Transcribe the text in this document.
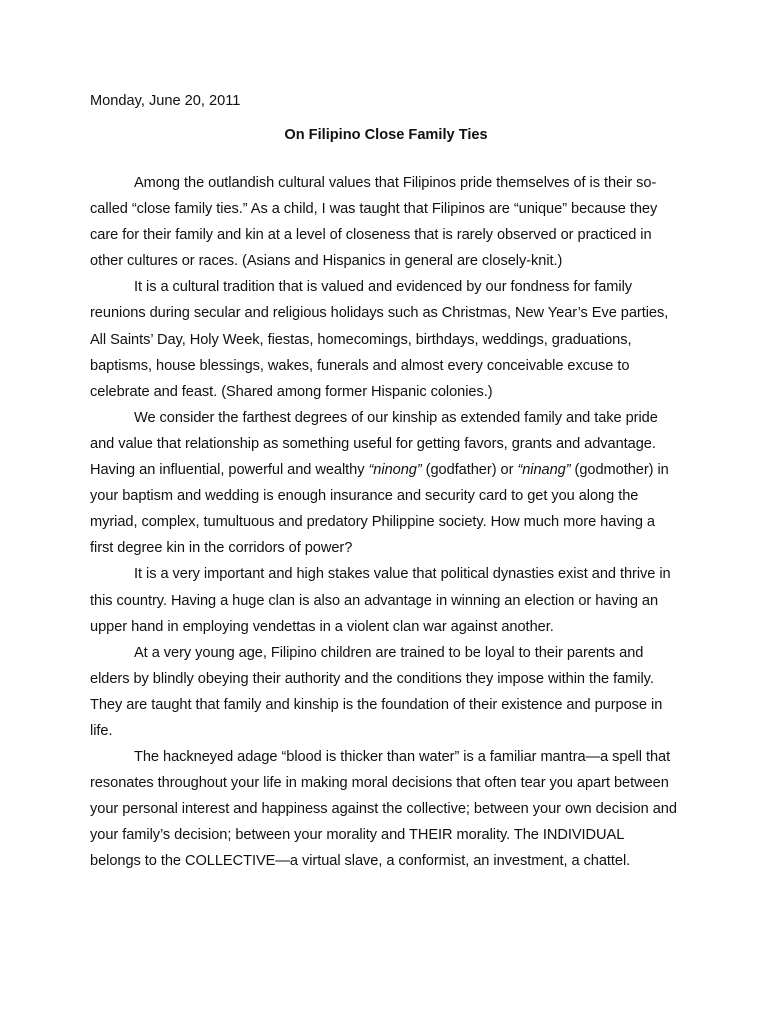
Monday, June 20, 2011

On Filipino Close Family Ties

Among the outlandish cultural values that Filipinos pride themselves of is their so-called “close family ties.” As a child, I was taught that Filipinos are “unique” because they care for their family and kin at a level of closeness that is rarely observed or practiced in other cultures or races. (Asians and Hispanics in general are closely-knit.)

It is a cultural tradition that is valued and evidenced by our fondness for family reunions during secular and religious holidays such as Christmas, New Year’s Eve parties, All Saints’ Day, Holy Week, fiestas, homecomings, birthdays, weddings, graduations, baptisms, house blessings, wakes, funerals and almost every conceivable excuse to celebrate and feast. (Shared among former Hispanic colonies.)

We consider the farthest degrees of our kinship as extended family and take pride and value that relationship as something useful for getting favors, grants and advantage. Having an influential, powerful and wealthy “ninong” (godfather) or “ninang” (godmother) in your baptism and wedding is enough insurance and security card to get you along the myriad, complex, tumultuous and predatory Philippine society. How much more having a first degree kin in the corridors of power?

It is a very important and high stakes value that political dynasties exist and thrive in this country. Having a huge clan is also an advantage in winning an election or having an upper hand in employing vendettas in a violent clan war against another.

At a very young age, Filipino children are trained to be loyal to their parents and elders by blindly obeying their authority and the conditions they impose within the family. They are taught that family and kinship is the foundation of their existence and purpose in life.

The hackneyed adage “blood is thicker than water” is a familiar mantra—a spell that resonates throughout your life in making moral decisions that often tear you apart between your personal interest and happiness against the collective; between your own decision and your family’s decision; between your morality and THEIR morality. The INDIVIDUAL belongs to the COLLECTIVE—a virtual slave, a conformist, an investment, a chattel.
